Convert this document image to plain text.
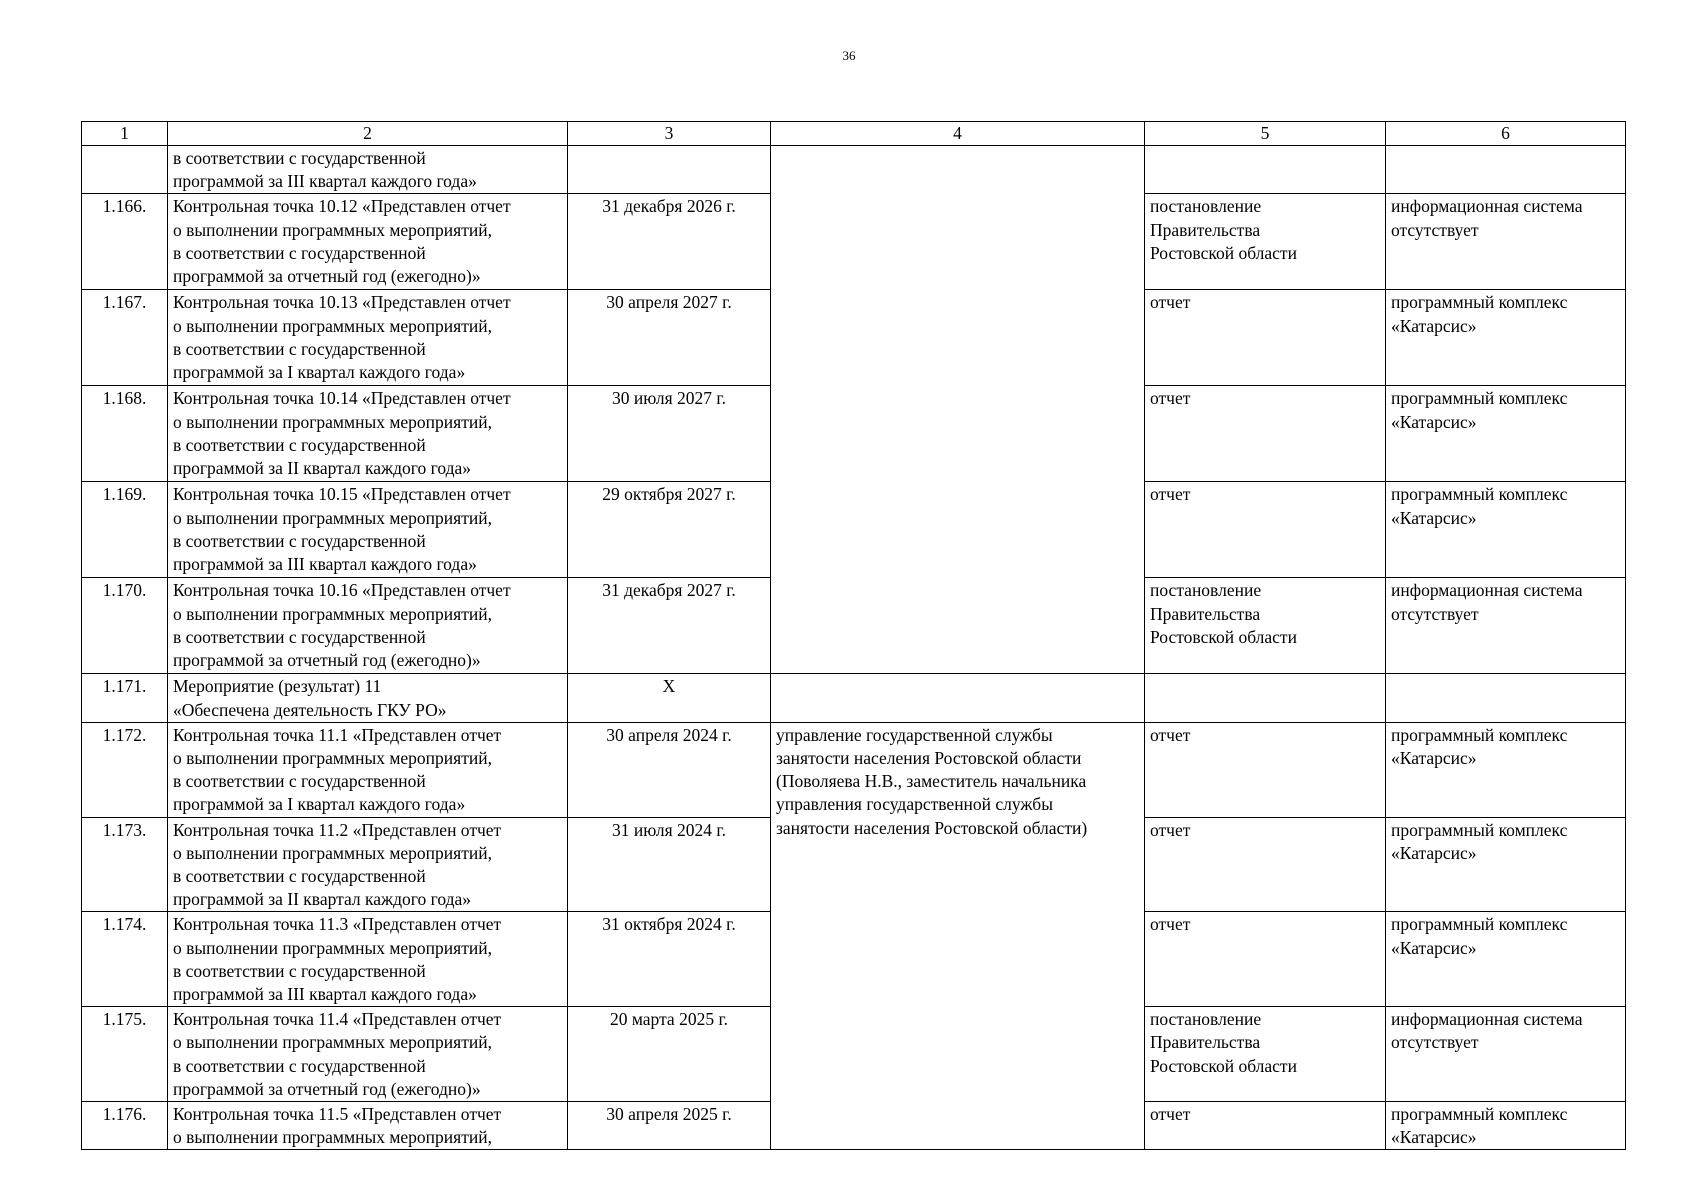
36
1	2	3	4	5	6

	в соответствии с государственной
программой за III квартал каждого года»				

1.166.	Контрольная точка 10.12 «Представлен отчет
о выполнении программных мероприятий,
в соответствии с государственной
программой за отчетный год (ежегодно)»	31 декабря 2026 г.		постановление
Правительства
Ростовской области	информационная система
отсутствует

1.167.	Контрольная точка 10.13 «Представлен отчет
о выполнении программных мероприятий,
в соответствии с государственной
программой за I квартал каждого года»	30 апреля 2027 г.		отчет	программный комплекс
«Катарсис»

1.168.	Контрольная точка 10.14 «Представлен отчет
о выполнении программных мероприятий,
в соответствии с государственной
программой за II квартал каждого года»	30 июля 2027 г.		отчет	программный комплекс
«Катарсис»

1.169.	Контрольная точка 10.15 «Представлен отчет
о выполнении программных мероприятий,
в соответствии с государственной
программой за III квартал каждого года»	29 октября 2027 г.		отчет	программный комплекс
«Катарсис»

1.170.	Контрольная точка 10.16 «Представлен отчет
о выполнении программных мероприятий,
в соответствии с государственной
программой за отчетный год (ежегодно)»	31 декабря 2027 г.		постановление
Правительства
Ростовской области	информационная система
отсутствует

1.171.	Мероприятие (результат) 11
«Обеспечена деятельность ГКУ РО»	X			
1.172.	Контрольная точка 11.1 «Представлен отчет
о выполнении программных мероприятий,
в соответствии с государственной
программой за I квартал каждого года»	30 апреля 2024 г.	управление государственной службы
занятости населения Ростовской области
(Поволяева Н.В., заместитель начальника
управления государственной службы
занятости населения Ростовской области)	отчет	программный комплекс
«Катарсис»

1.173.	Контрольная точка 11.2 «Представлен отчет
о выполнении программных мероприятий,
в соответствии с государственной
программой за II квартал каждого года»	31 июля 2024 г.		отчет	программный комплекс
«Катарсис»

1.174.	Контрольная точка 11.3 «Представлен отчет
о выполнении программных мероприятий,
в соответствии с государственной
программой за III квартал каждого года»	31 октября 2024 г.		отчет	программный комплекс
«Катарсис»

1.175.	Контрольная точка 11.4 «Представлен отчет
о выполнении программных мероприятий,
в соответствии с государственной
программой за отчетный год (ежегодно)»	20 марта 2025 г.		постановление
Правительства
Ростовской области	информационная система
отсутствует

1.176.	Контрольная точка 11.5 «Представлен отчет
о выполнении программных мероприятий,	30 апреля 2025 г.		отчет	программный комплекс
«Катарсис»
